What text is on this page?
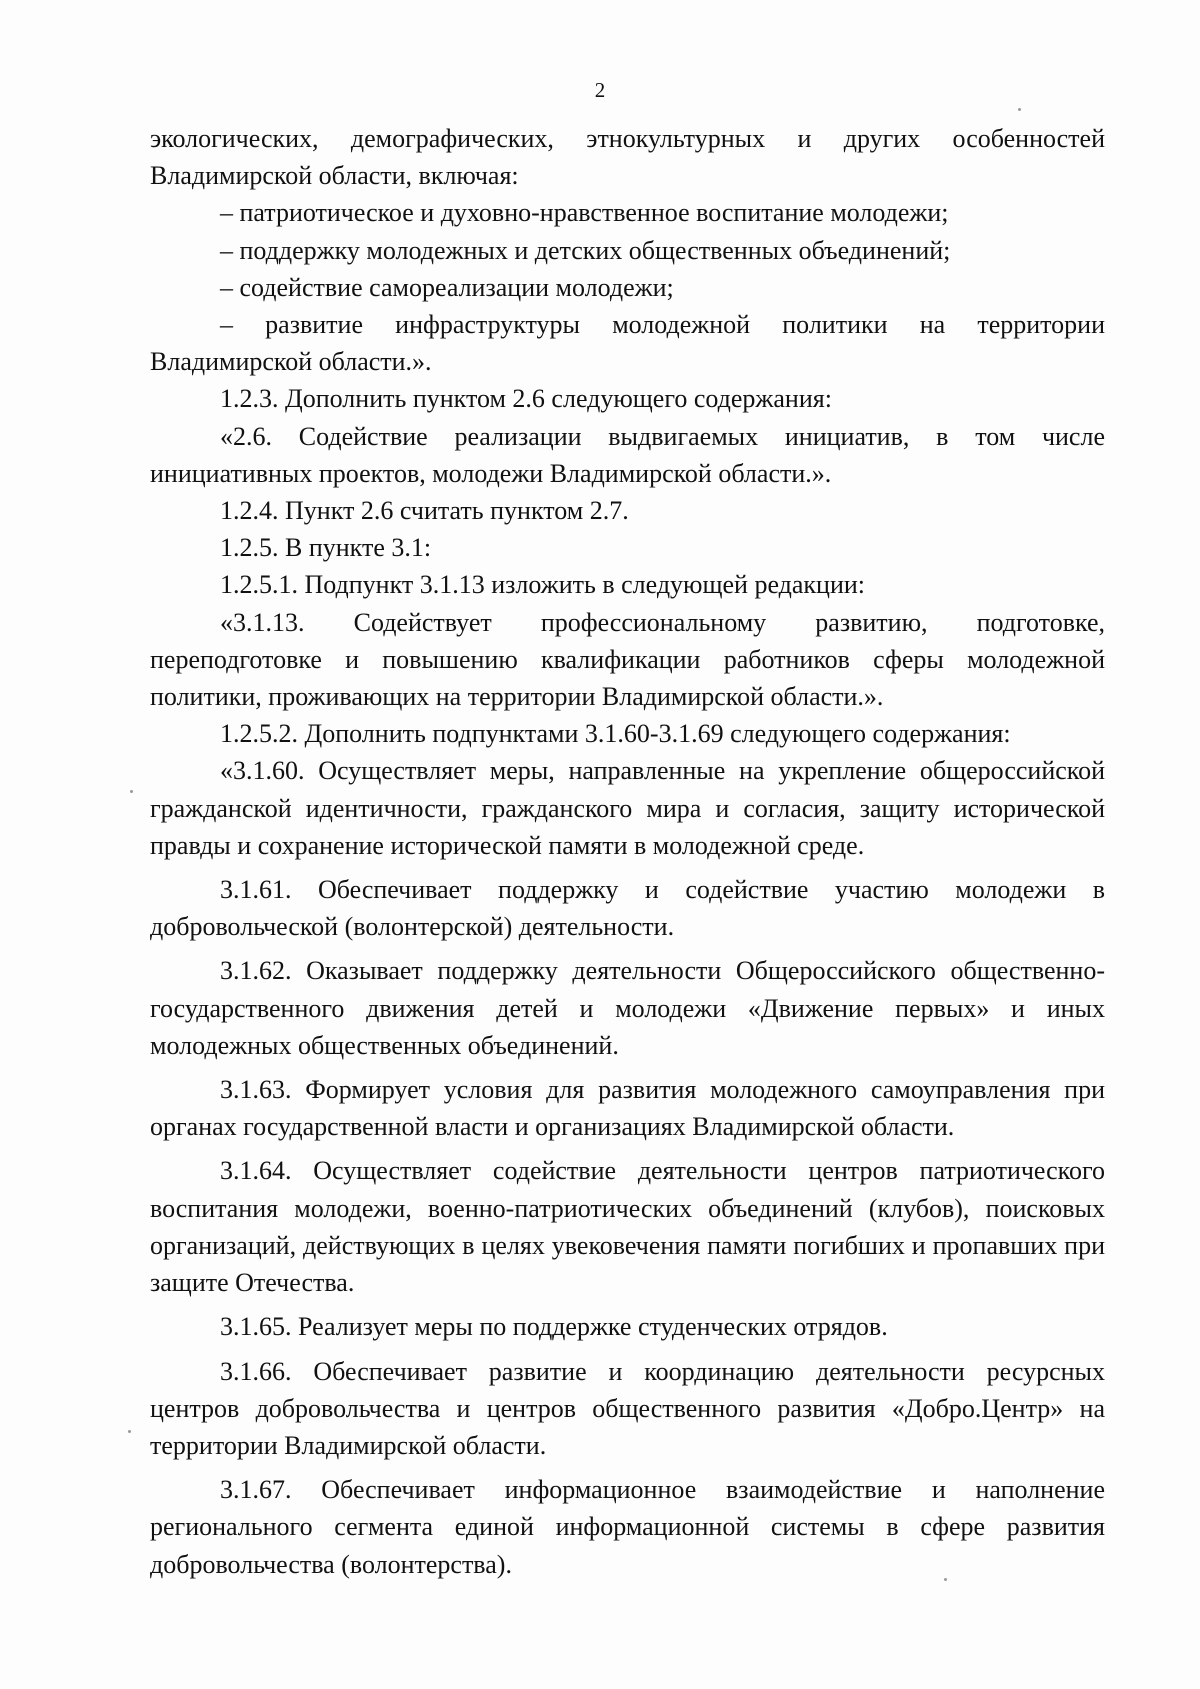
2

экологических, демографических, этнокультурных и других особенностей Владимирской области, включая:

– патриотическое и духовно-нравственное воспитание молодежи;

– поддержку молодежных и детских общественных объединений;

– содействие самореализации молодежи;

– развитие инфраструктуры молодежной политики на территории Владимирской области.».

1.2.3. Дополнить пунктом 2.6 следующего содержания:

«2.6. Содействие реализации выдвигаемых инициатив, в том числе инициативных проектов, молодежи Владимирской области.».

1.2.4. Пункт 2.6 считать пунктом 2.7.

1.2.5. В пункте 3.1:

1.2.5.1. Подпункт 3.1.13 изложить в следующей редакции:

«3.1.13. Содействует профессиональному развитию, подготовке, переподготовке и повышению квалификации работников сферы молодежной политики, проживающих на территории Владимирской области.».

1.2.5.2. Дополнить подпунктами 3.1.60-3.1.69 следующего содержания:

«3.1.60. Осуществляет меры, направленные на укрепление общероссийской гражданской идентичности, гражданского мира и согласия, защиту исторической правды и сохранение исторической памяти в молодежной среде.

3.1.61. Обеспечивает поддержку и содействие участию молодежи в добровольческой (волонтерской) деятельности.

3.1.62. Оказывает поддержку деятельности Общероссийского общественно-государственного движения детей и молодежи «Движение первых» и иных молодежных общественных объединений.

3.1.63. Формирует условия для развития молодежного самоуправления при органах государственной власти и организациях Владимирской области.

3.1.64. Осуществляет содействие деятельности центров патриотического воспитания молодежи, военно-патриотических объединений (клубов), поисковых организаций, действующих в целях увековечения памяти погибших и пропавших при защите Отечества.

3.1.65. Реализует меры по поддержке студенческих отрядов.

3.1.66. Обеспечивает развитие и координацию деятельности ресурсных центров добровольчества и центров общественного развития «Добро.Центр» на территории Владимирской области.

3.1.67. Обеспечивает информационное взаимодействие и наполнение регионального сегмента единой информационной системы в сфере развития добровольчества (волонтерства).
